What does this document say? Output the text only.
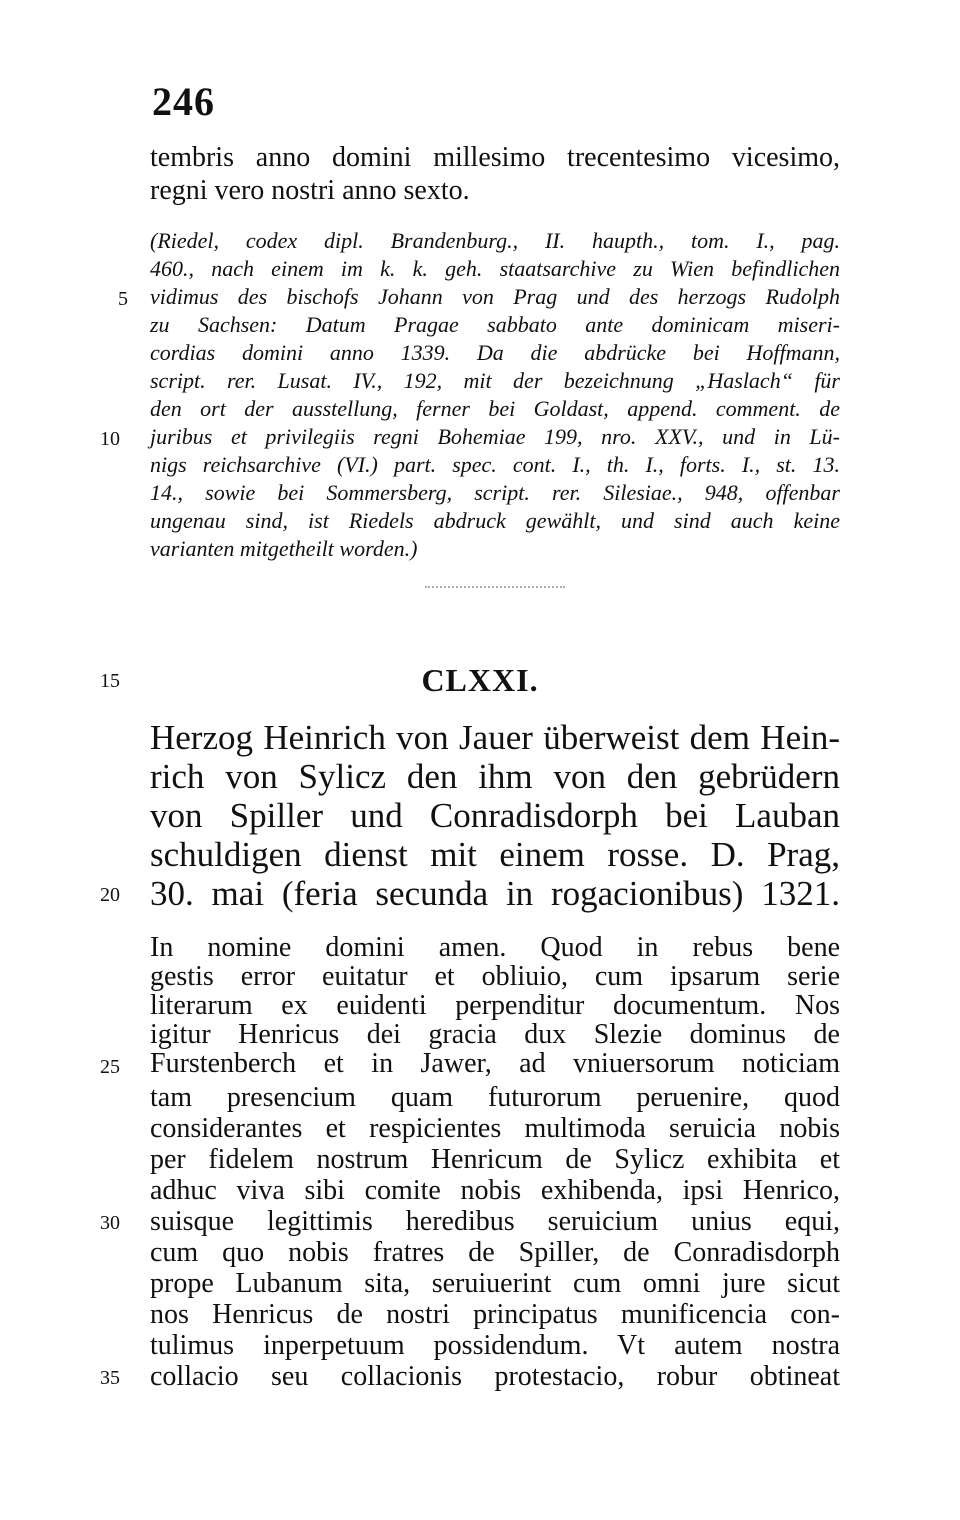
246
tembris anno domini millesimo trecentesimo vicesimo,
regni vero nostri anno sexto.
(Riedel, codex dipl. Brandenburg., II. haupth., tom. I., pag.
460., nach einem im k. k. geh. staatsarchive zu Wien befindlichen
vidimus des bischofs Johann von Prag und des herzogs Rudolph
zu Sachsen: Datum Pragae sabbato ante dominicam miseri-
cordias domini anno 1339. Da die abdrücke bei Hoffmann,
script. rer. Lusat. IV., 192, mit der bezeichnung „Haslach“ für
den ort der ausstellung, ferner bei Goldast, append. comment. de
juribus et privilegiis regni Bohemiae 199, nro. XXV., und in Lü-
nigs reichsarchive (VI.) part. spec. cont. I., th. I., forts. I., st. 13.
14., sowie bei Sommersberg, script. rer. Silesiae., 948, offenbar
ungenau sind, ist Riedels abdruck gewählt, und sind auch keine
varianten mitgetheilt worden.)
5
10
15	CLXXI.
Herzog Heinrich von Jauer überweist dem Hein-
rich von Sylicz den ihm von den gebrüdern
von Spiller und Conradisdorph bei Lauban
schuldigen dienst mit einem rosse. D. Prag,
30. mai (feria secunda in rogacionibus) 1321.
20
In nomine domini amen. Quod in rebus bene
gestis error euitatur et obliuio, cum ipsarum serie
literarum ex euidenti perpenditur documentum. Nos
igitur Henricus dei gracia dux Slezie dominus de
Furstenberch et in Jawer, ad vniuersorum noticiam
tam presencium quam futurorum peruenire, quod
considerantes et respicientes multimoda seruicia nobis
per fidelem nostrum Henricum de Sylicz exhibita et
adhuc viva sibi comite nobis exhibenda, ipsi Henrico,
suisque legittimis heredibus seruicium unius equi,
cum quo nobis fratres de Spiller, de Conradisdorph
prope Lubanum sita, seruiuerint cum omni jure sicut
nos Henricus de nostri principatus munificencia con-
tulimus inperpetuum possidendum. Vt autem nostra
collacio seu collacionis protestacio, robur obtineat
25
30
35
